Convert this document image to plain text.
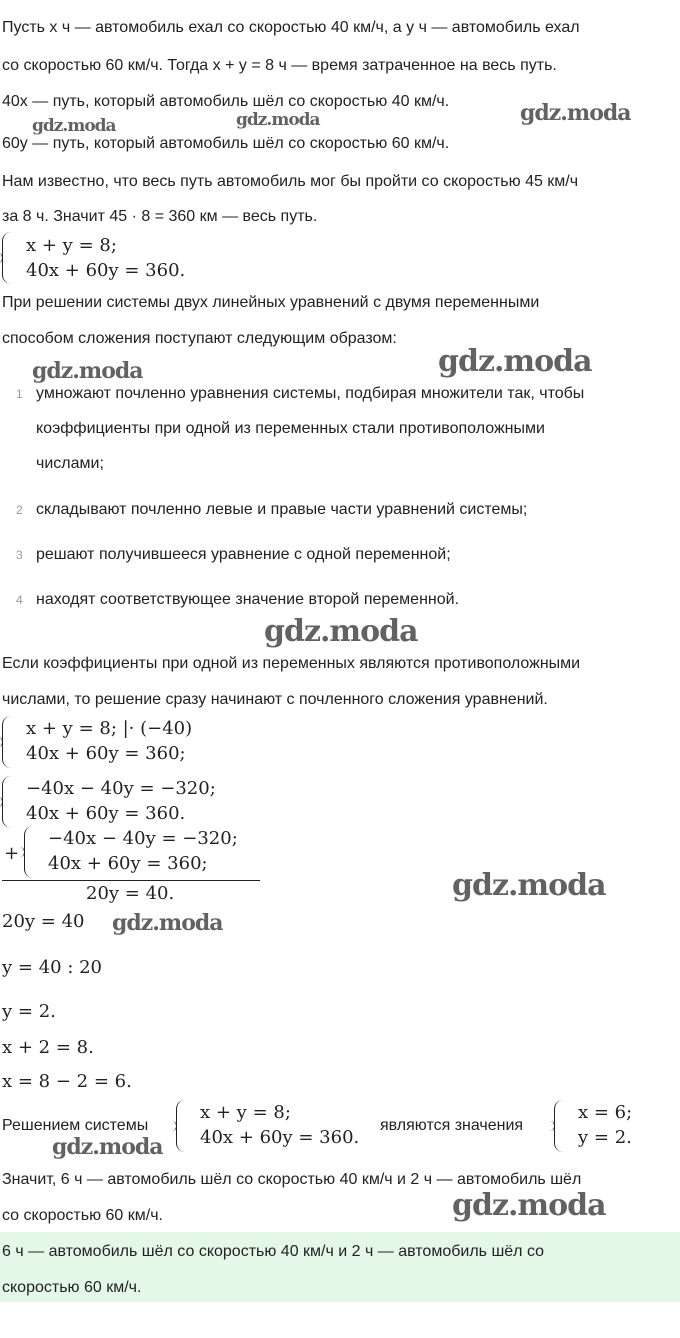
Пусть x ч — автомобиль ехал со скоростью 40 км/ч, а y ч — автомобиль ехал
со скоростью 60 км/ч. Тогда x + y = 8 ч — время затраченное на весь путь.
40x — путь, который автомобиль шёл со скоростью 40 км/ч.
60y — путь, который автомобиль шёл со скоростью 60 км/ч.
Нам известно, что весь путь автомобиль мог бы пройти со скоростью 45 км/ч
за 8 ч. Значит 45 · 8 = 360 км — весь путь.
x + y = 8;
40x + 60y = 360.
При решении системы двух линейных уравнений с двумя переменными
способом сложения поступают следующим образом:
1 умножают почленно уравнения системы, подбирая множители так, чтобы
коэффициенты при одной из переменных стали противоположными
числами;
2 складывают почленно левые и правые части уравнений системы;
3 решают получившееся уравнение с одной переменной;
4 находят соответствующее значение второй переменной.
Если коэффициенты при одной из переменных являются противоположными
числами, то решение сразу начинают с почленного сложения уравнений.
x + y = 8; |· (−40)
40x + 60y = 360;
−40x − 40y = −320;
40x + 60y = 360.
+
−40x − 40y = −320;
40x + 60y = 360;
20y = 40.
20y = 40
y = 40 : 20
y = 2.
x + 2 = 8.
x = 8 − 2 = 6.
Решением системы
x + y = 8;
40x + 60y = 360.
являются значения
x = 6;
y = 2.
Значит, 6 ч — автомобиль шёл со скоростью 40 км/ч и 2 ч — автомобиль шёл
со скоростью 60 км/ч.
6 ч — автомобиль шёл со скоростью 40 км/ч и 2 ч — автомобиль шёл со
скоростью 60 км/ч.
gdz.moda	gdz.moda	gdz.moda
gdz.moda	gdz.moda
gdz.moda
gdz.moda
gdz.moda
gdz.moda
gdz.moda
